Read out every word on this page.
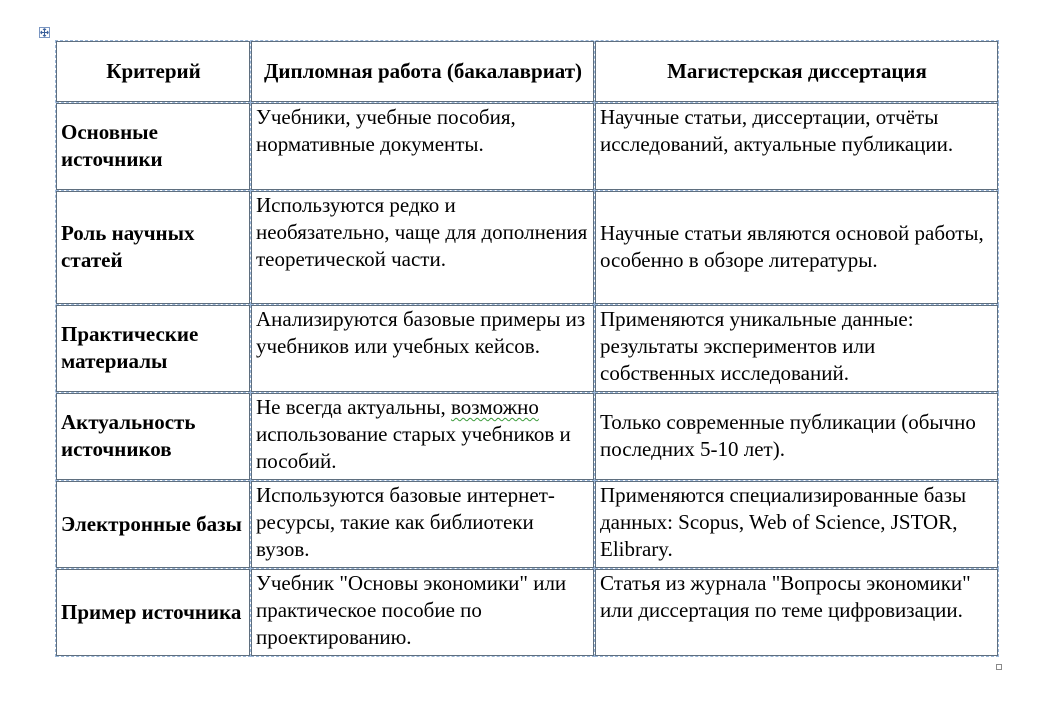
Критерий	Дипломная работа (бакалавриат)	Магистерская диссертация
Основные источники	Учебники, учебные пособия, нормативные документы.	Научные статьи, диссертации, отчёты исследований, актуальные публикации.
Роль научных статей	Используются редко и необязательно, чаще для дополнения теоретической части.	Научные статьи являются основой работы, особенно в обзоре литературы.
Практические материалы	Анализируются базовые примеры из учебников или учебных кейсов.	Применяются уникальные данные: результаты экспериментов или собственных исследований.
Актуальность источников	Не всегда актуальны, возможно использование старых учебников и пособий.	Только современные публикации (обычно последних 5-10 лет).
Электронные базы	Используются базовые интернет-ресурсы, такие как библиотеки вузов.	Применяются специализированные базы данных: Scopus, Web of Science, JSTOR, Elibrary.
Пример источника	Учебник "Основы экономики" или практическое пособие по проектированию.	Статья из журнала "Вопросы экономики" или диссертация по теме цифровизации.
